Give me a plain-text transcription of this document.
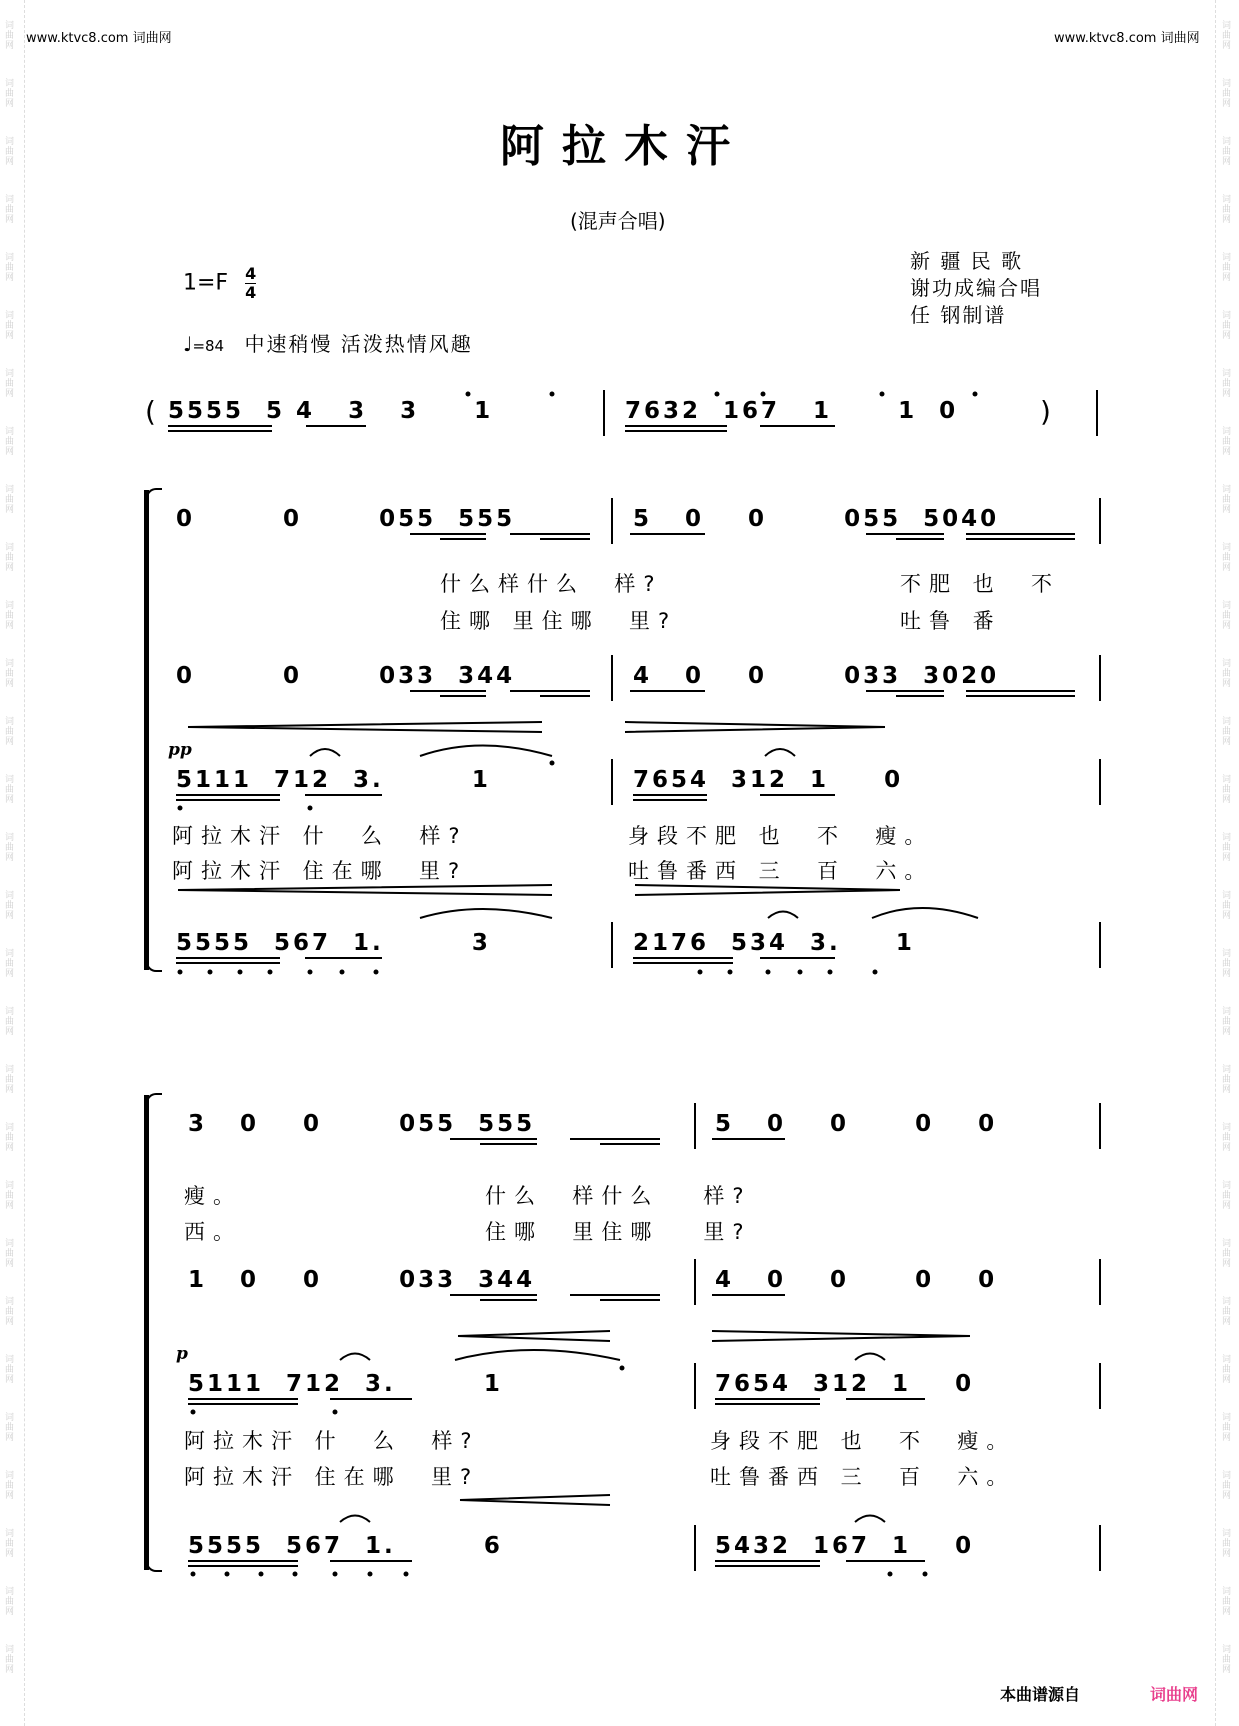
词曲网
词曲网
词曲网
词曲网
词曲网
词曲网
词曲网
词曲网
词曲网
词曲网
词曲网
词曲网
词曲网
词曲网
词曲网
词曲网
词曲网
词曲网
词曲网
词曲网
词曲网
词曲网
词曲网
词曲网
词曲网
词曲网
词曲网
词曲网
词曲网
词曲网
词曲网
词曲网
词曲网
词曲网
词曲网
词曲网
词曲网
词曲网
词曲网
词曲网
词曲网
词曲网
词曲网
词曲网
词曲网
词曲网
词曲网
词曲网
词曲网
词曲网
词曲网
词曲网
词曲网
词曲网
词曲网
词曲网
词曲网
词曲网
www.ktvc8.com 词曲网	www.ktvc8.com 词曲网
阿拉木汗
(混声合唱)
新 疆 民 歌
谢功成编合唱
任 钢制谱
$1=F \frac{4}{4}$
♩=84 中速稍慢 活泼热情风趣
( 5555  5 4   3   3     1	7632  167   1      1  0	)
0        0       055  555	5   0    0       055  5040
什么样什么  样?	不肥 也  不
住哪 里住哪  里?	吐鲁 番
0        0       033  344	4   0    0       033  3020
pp
5111  712  3.        1	7654  312  1     0
阿拉木汗 什  么  样?	身段不肥 也  不  瘦。
阿拉木汗 住在哪  里?	吐鲁番西 三  百  六。
5555  567  1.        3	2176  534  3.     1
3   0    0       055  555	5   0    0      0    0
瘦。	什么  样什么   样?
西。	住哪  里住哪   里?
1   0    0       033  344	4   0    0      0    0
p
5111  712  3.        1	7654  312  1    0
阿拉木汗 什  么  样?	身段不肥 也  不  瘦。
阿拉木汗 住在哪  里?	吐鲁番西 三  百  六。
5555  567  1.        6	5432  167  1    0
本曲谱源自	词曲网
